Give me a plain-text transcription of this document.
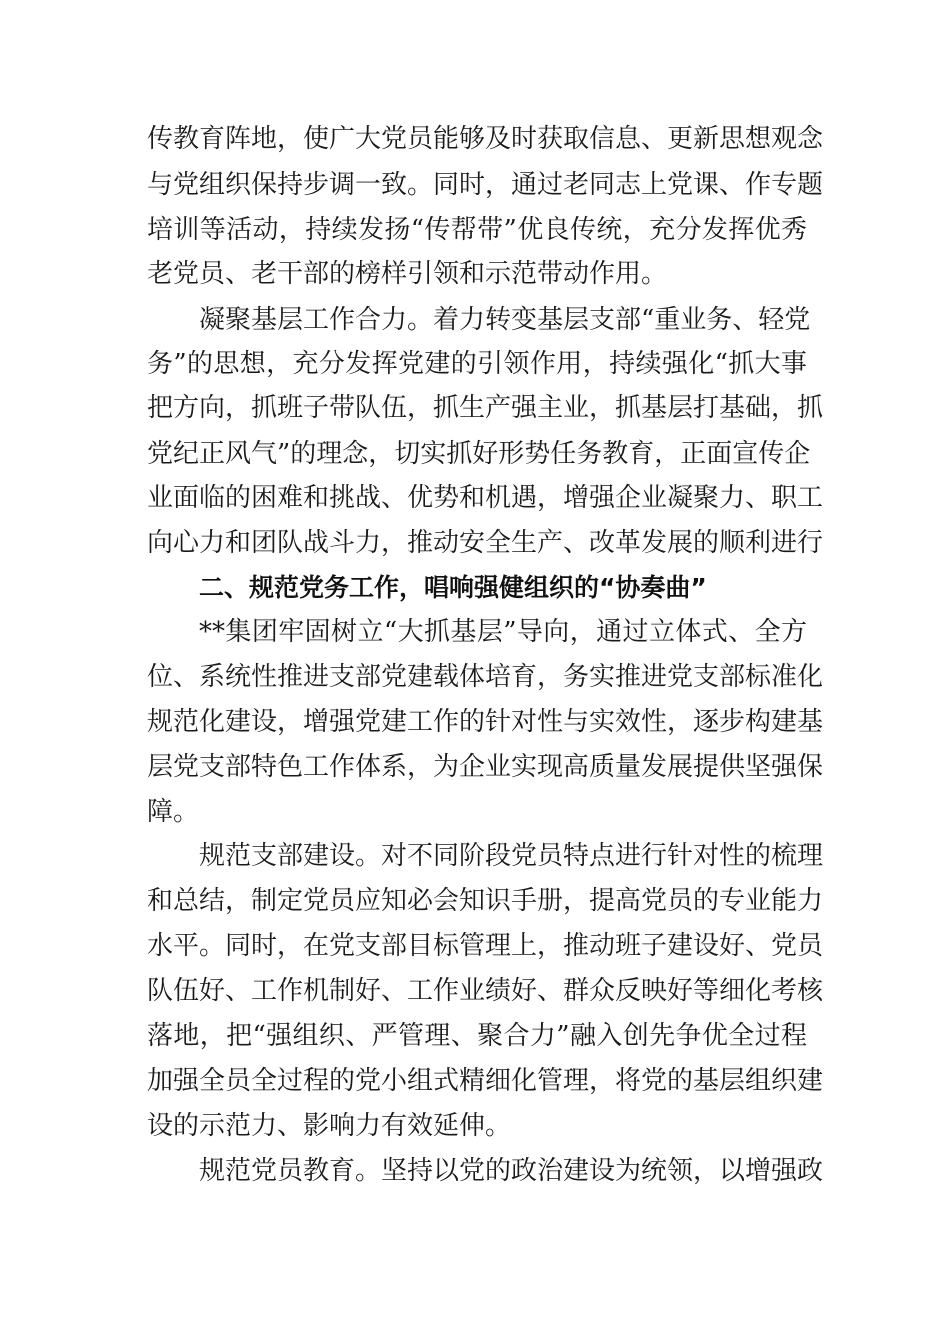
传教育阵地，使广大党员能够及时获取信息、更新思想观念
与党组织保持步调一致。同时，通过老同志上党课、作专题
培训等活动，持续发扬“传帮带”优良传统，充分发挥优秀
老党员、老干部的榜样引领和示范带动作用。
凝聚基层工作合力。着力转变基层支部“重业务、轻党
务”的思想，充分发挥党建的引领作用，持续强化“抓大事
把方向，抓班子带队伍，抓生产强主业，抓基层打基础，抓
党纪正风气”的理念，切实抓好形势任务教育，正面宣传企
业面临的困难和挑战、优势和机遇，增强企业凝聚力、职工
向心力和团队战斗力，推动安全生产、改革发展的顺利进行
二、规范党务工作，唱响强健组织的“协奏曲”
**集团牢固树立“大抓基层”导向，通过立体式、全方
位、系统性推进支部党建载体培育，务实推进党支部标准化
规范化建设，增强党建工作的针对性与实效性，逐步构建基
层党支部特色工作体系，为企业实现高质量发展提供坚强保
障。
规范支部建设。对不同阶段党员特点进行针对性的梳理
和总结，制定党员应知必会知识手册，提高党员的专业能力
水平。同时，在党支部目标管理上，推动班子建设好、党员
队伍好、工作机制好、工作业绩好、群众反映好等细化考核
落地，把“强组织、严管理、聚合力”融入创先争优全过程
加强全员全过程的党小组式精细化管理，将党的基层组织建
设的示范力、影响力有效延伸。
规范党员教育。坚持以党的政治建设为统领，以增强政
